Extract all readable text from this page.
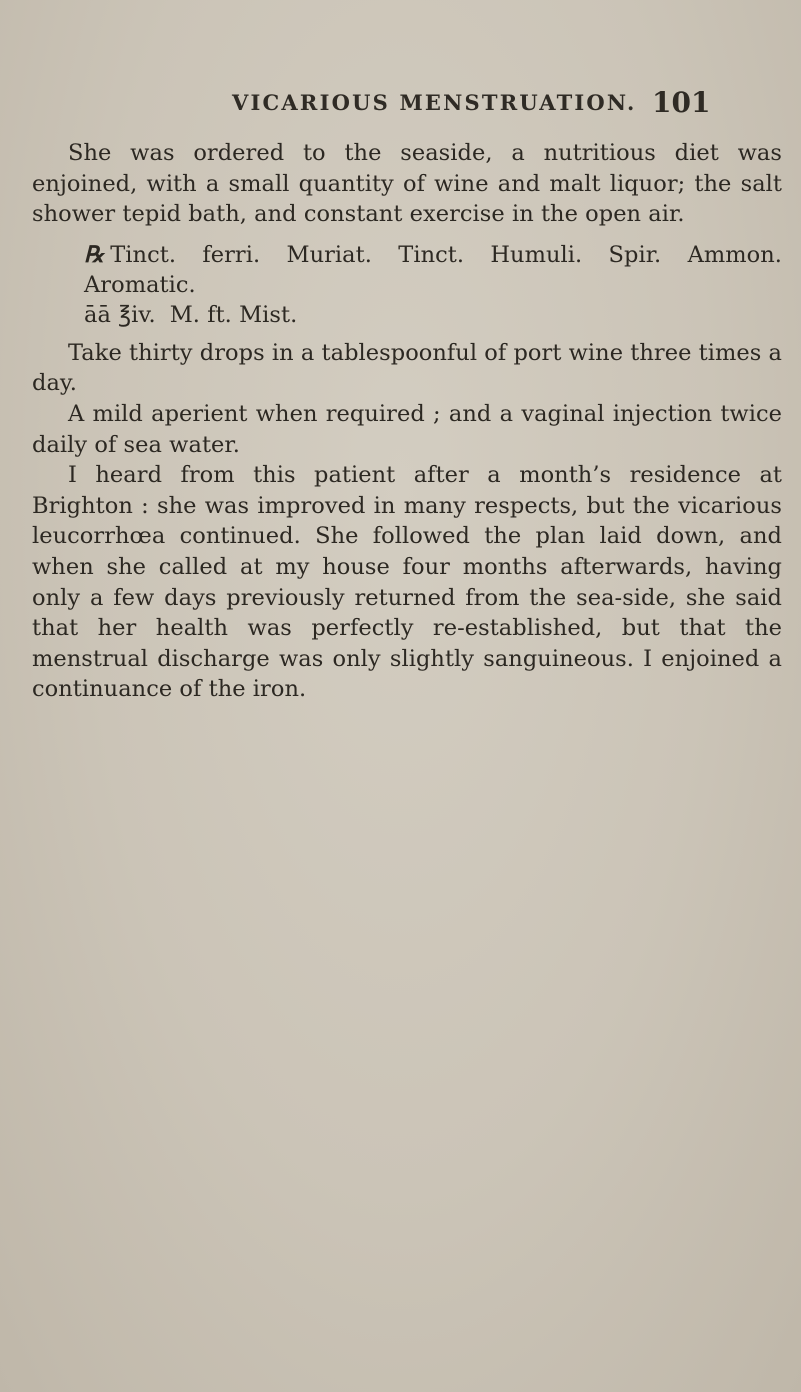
VICARIOUS MENSTRUATION. 101

She was ordered to the seaside, a nutritious diet was enjoined, with a small quantity of wine and malt liquor; the salt shower tepid bath, and constant exercise in the open air.

℞ Tinct. ferri. Muriat. Tinct. Humuli. Spir. Ammon. Aromatic.
āā ℥iv. M. ft. Mist.

Take thirty drops in a tablespoonful of port wine three times a day.

A mild aperient when required ; and a vaginal injection twice daily of sea water.

I heard from this patient after a month’s residence at Brighton : she was improved in many respects, but the vicarious leucorrhœa continued. She followed the plan laid down, and when she called at my house four months afterwards, having only a few days previously returned from the sea-side, she said that her health was perfectly re-established, but that the menstrual discharge was only slightly sanguineous. I enjoined a continuance of the iron.
